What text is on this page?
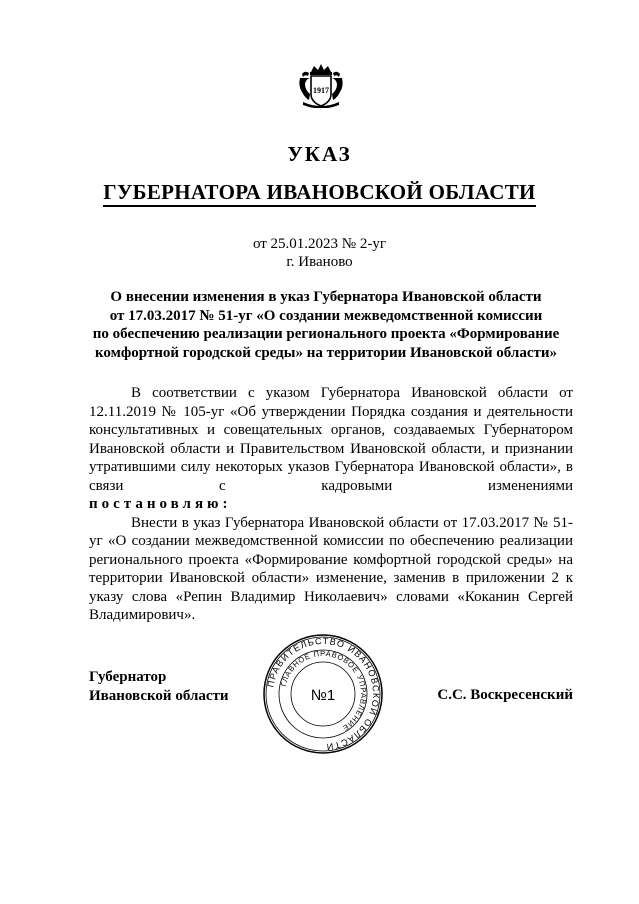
1917
УКАЗ
ГУБЕРНАТОРА ИВАНОВСКОЙ ОБЛАСТИ
от 25.01.2023 № 2-уг
г. Иваново
О внесении изменения в указ Губернатора Ивановской области
от 17.03.2017 № 51-уг «О создании межведомственной комиссии
по обеспечению реализации регионального проекта «Формирование
комфортной городской среды» на территории Ивановской области»

В соответствии с указом Губернатора Ивановской области от 12.11.2019 № 105-уг «Об утверждении Порядка создания и деятельности консультативных и совещательных органов, создаваемых Губернатором Ивановской области и Правительством Ивановской области, и признании утратившими силу некоторых указов Губернатора Ивановской области», в связи с кадровыми изменениями

постановляю:

Внести в указ Губернатора Ивановской области от 17.03.2017 № 51-уг «О создании межведомственной комиссии по обеспечению реализации регионального проекта «Формирование комфортной городской среды» на территории Ивановской области» изменение, заменив в приложении 2 к указу слова «Репин Владимир Николаевич» словами «Коканин Сергей Владимирович».

Губернатор
Ивановской области	С.С. Воскресенский
ПРАВИТЕЛЬСТВО ИВАНОВСКОЙ ОБЛАСТИ
ГЛАВНОЕ ПРАВОВОЕ УПРАВЛЕНИЕ
№1
